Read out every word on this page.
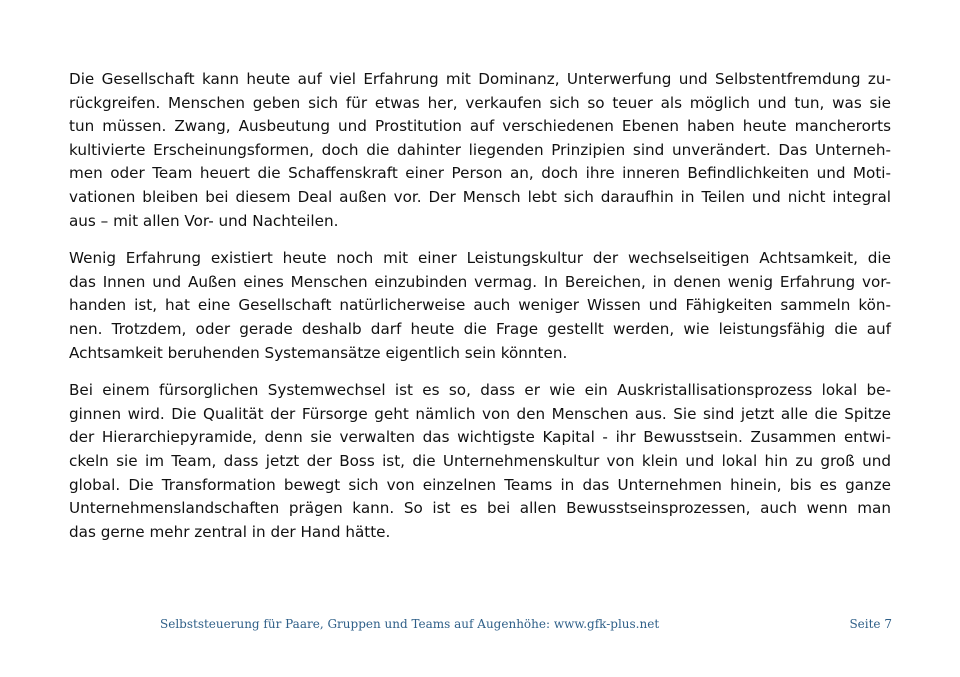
Die Gesellschaft kann heute auf viel Erfahrung mit Dominanz, Unterwerfung und Selbstentfremdung zu-
rückgreifen. Menschen geben sich für etwas her, verkaufen sich so teuer als möglich und tun, was sie
tun müssen. Zwang, Ausbeutung und Prostitution auf verschiedenen Ebenen haben heute mancherorts
kultivierte Erscheinungsformen, doch die dahinter liegenden Prinzipien sind unverändert. Das Unterneh-
men oder Team heuert die Schaffenskraft einer Person an, doch ihre inneren Befindlichkeiten und Moti-
vationen bleiben bei diesem Deal außen vor. Der Mensch lebt sich daraufhin in Teilen und nicht integral
aus – mit allen Vor- und Nachteilen.

Wenig Erfahrung existiert heute noch mit einer Leistungskultur der wechselseitigen Achtsamkeit, die
das Innen und Außen eines Menschen einzubinden vermag. In Bereichen, in denen wenig Erfahrung vor-
handen ist, hat eine Gesellschaft natürlicherweise auch weniger Wissen und Fähigkeiten sammeln kön-
nen. Trotzdem, oder gerade deshalb darf heute die Frage gestellt werden, wie leistungsfähig die auf
Achtsamkeit beruhenden Systemansätze eigentlich sein könnten.

Bei einem fürsorglichen Systemwechsel ist es so, dass er wie ein Auskristallisationsprozess lokal be-
ginnen wird. Die Qualität der Fürsorge geht nämlich von den Menschen aus. Sie sind jetzt alle die Spitze
der Hierarchiepyramide, denn sie verwalten das wichtigste Kapital - ihr Bewusstsein. Zusammen entwi-
ckeln sie im Team, dass jetzt der Boss ist, die Unternehmenskultur von klein und lokal hin zu groß und
global. Die Transformation bewegt sich von einzelnen Teams in das Unternehmen hinein, bis es ganze
Unternehmenslandschaften prägen kann. So ist es bei allen Bewusstseinsprozessen, auch wenn man
das gerne mehr zentral in der Hand hätte.

Selbststeuerung für Paare, Gruppen und Teams auf Augenhöhe: www.gfk-plus.net	Seite 7
